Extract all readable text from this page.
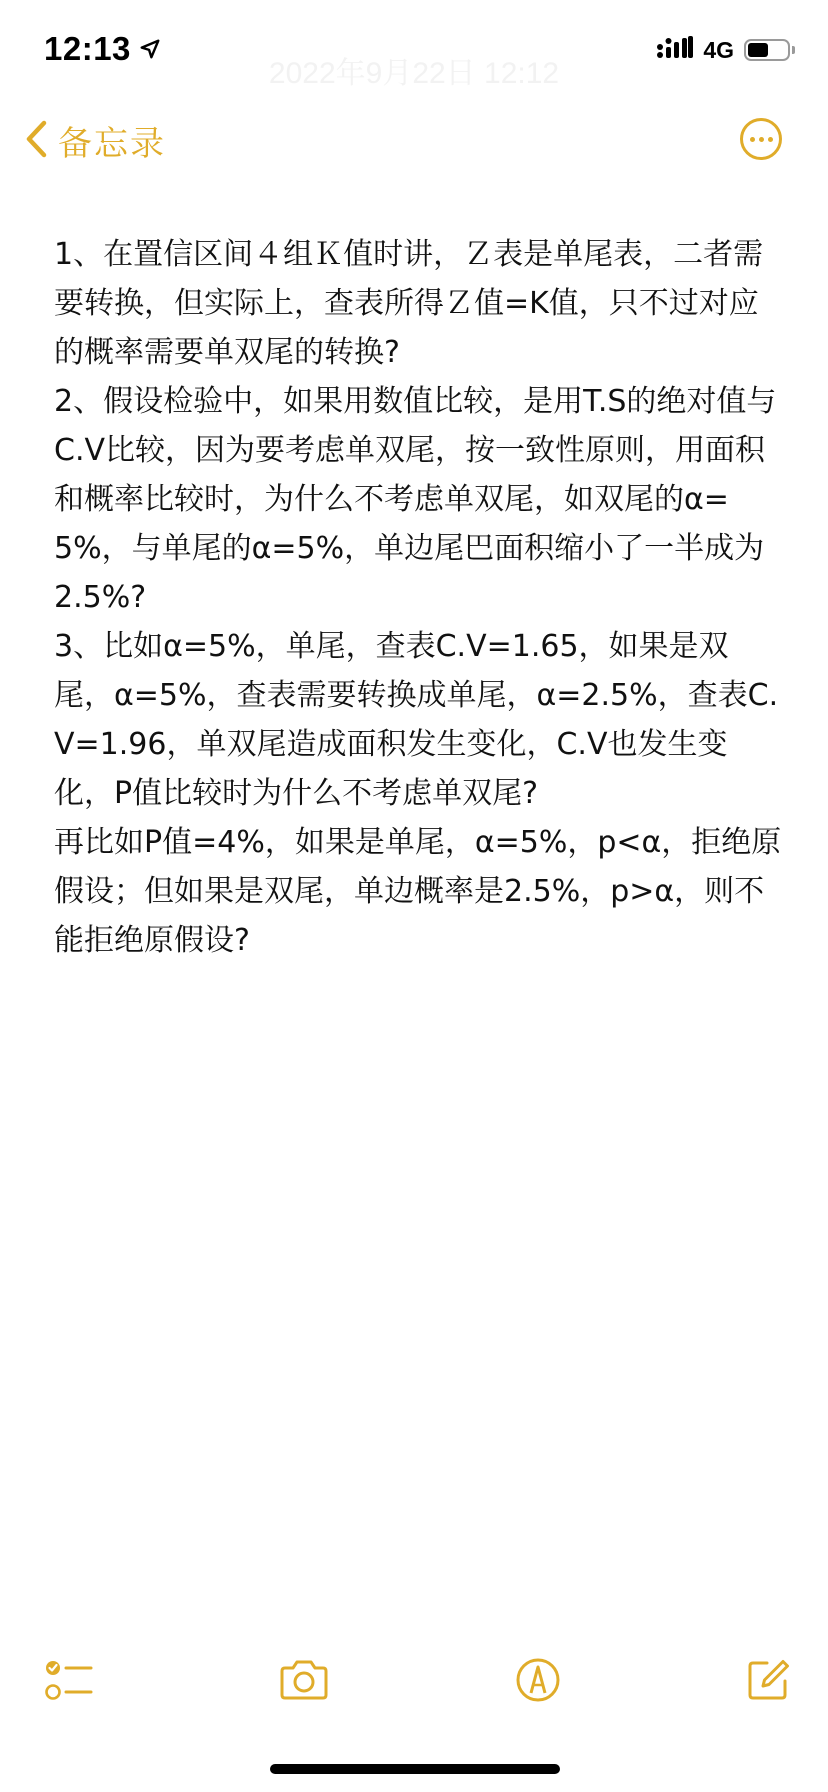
2022年9月22日 12:12
12:13	4G
备忘录

1、在置信区间４组Ｋ值时讲，Ｚ表是单尾表，二者需要转换，但实际上，查表所得Ｚ值=K值，只不过对应的概率需要单双尾的转换?

2、假设检验中，如果用数值比较，是用T.S的绝对值与C.V比较，因为要考虑单双尾，按一致性原则，用面积和概率比较时，为什么不考虑单双尾，如双尾的α=5%，与单尾的α=5%，单边尾巴面积缩小了一半成为2.5%?

3、比如α=5%，单尾，查表C.V=1.65，如果是双尾，α=5%，查表需要转换成单尾，α=2.5%，查表C.V=1.96，单双尾造成面积发生变化，C.V也发生变化，P值比较时为什么不考虑单双尾?

再比如P值=4%，如果是单尾，α=5%，p<α，拒绝原假设；但如果是双尾，单边概率是2.5%，p>α，则不能拒绝原假设?
